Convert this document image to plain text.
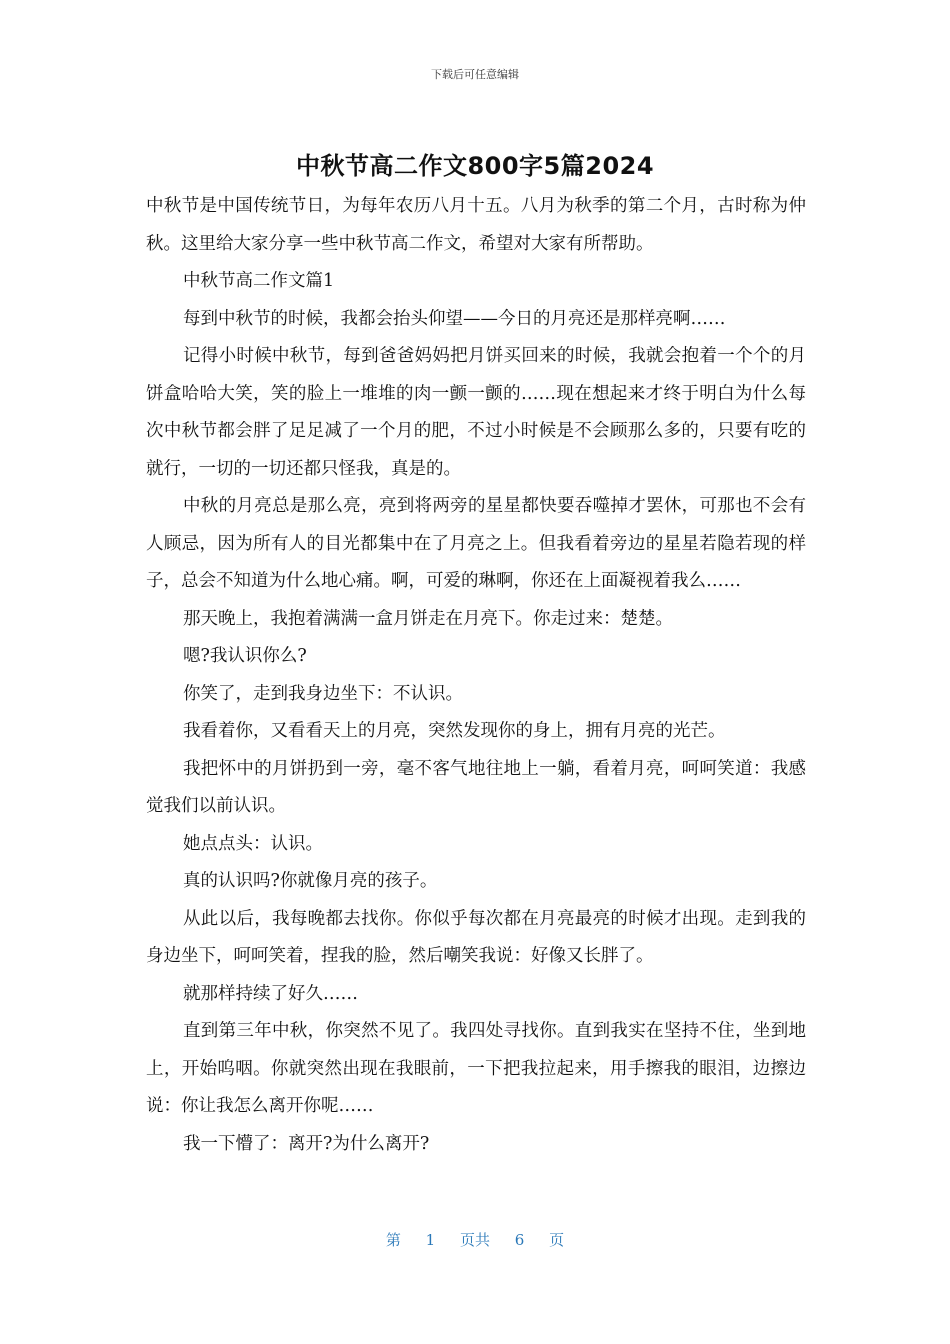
下载后可任意编辑
中秋节高二作文800字5篇2024

中秋节是中国传统节日，为每年农历八月十五。八月为秋季的第二个月，古时称为仲秋。这里给大家分享一些中秋节高二作文，希望对大家有所帮助。

中秋节高二作文篇1

每到中秋节的时候，我都会抬头仰望——今日的月亮还是那样亮啊……

记得小时候中秋节，每到爸爸妈妈把月饼买回来的时候，我就会抱着一个个的月饼盒哈哈大笑，笑的脸上一堆堆的肉一颤一颤的……现在想起来才终于明白为什么每次中秋节都会胖了足足减了一个月的肥，不过小时候是不会顾那么多的，只要有吃的就行，一切的一切还都只怪我，真是的。

中秋的月亮总是那么亮，亮到将两旁的星星都快要吞噬掉才罢休，可那也不会有人顾忌，因为所有人的目光都集中在了月亮之上。但我看着旁边的星星若隐若现的样子，总会不知道为什么地心痛。啊，可爱的琳啊，你还在上面凝视着我么……

那天晚上，我抱着满满一盒月饼走在月亮下。你走过来：楚楚。

嗯?我认识你么?

你笑了，走到我身边坐下：不认识。

我看着你，又看看天上的月亮，突然发现你的身上，拥有月亮的光芒。

我把怀中的月饼扔到一旁，毫不客气地往地上一躺，看着月亮，呵呵笑道：我感觉我们以前认识。

她点点头：认识。

真的认识吗?你就像月亮的孩子。

从此以后，我每晚都去找你。你似乎每次都在月亮最亮的时候才出现。走到我的身边坐下，呵呵笑着，捏我的脸，然后嘲笑我说：好像又长胖了。

就那样持续了好久……

直到第三年中秋，你突然不见了。我四处寻找你。直到我实在坚持不住，坐到地上，开始呜咽。你就突然出现在我眼前，一下把我拉起来，用手擦我的眼泪，边擦边说：你让我怎么离开你呢……

我一下懵了：离开?为什么离开?

第 1 页共 6 页
